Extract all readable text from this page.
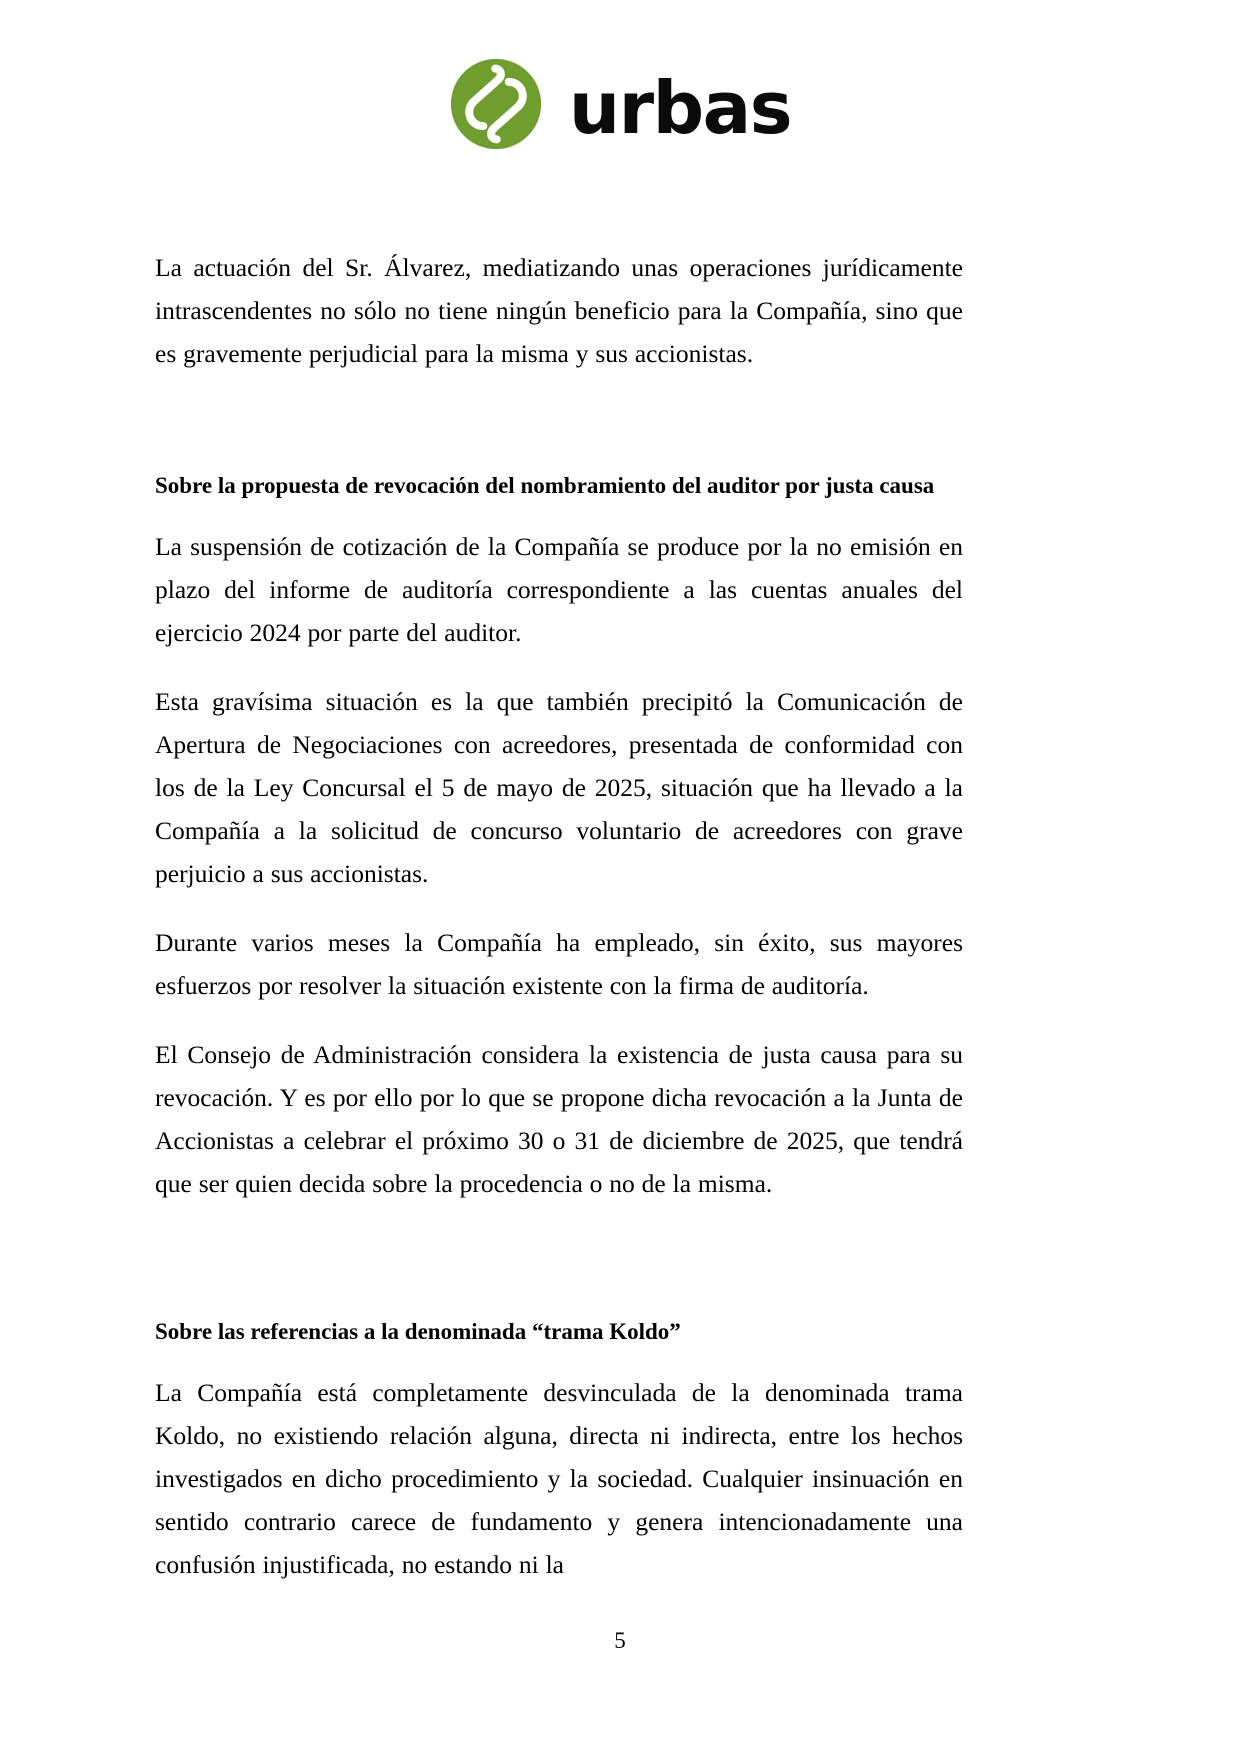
urbas

La actuación del Sr. Álvarez, mediatizando unas operaciones jurídicamente intrascendentes no sólo no tiene ningún beneficio para la Compañía, sino que es gravemente perjudicial para la misma y sus accionistas.

Sobre la propuesta de revocación del nombramiento del auditor por justa causa

La suspensión de cotización de la Compañía se produce por la no emisión en plazo del informe de auditoría correspondiente a las cuentas anuales del ejercicio 2024 por parte del auditor.

Esta gravísima situación es la que también precipitó la Comunicación de Apertura de Negociaciones con acreedores, presentada de conformidad con los de la Ley Concursal el 5 de mayo de 2025, situación que ha llevado a la Compañía a la solicitud de concurso voluntario de acreedores con grave perjuicio a sus accionistas.

Durante varios meses la Compañía ha empleado, sin éxito, sus mayores esfuerzos por resolver la situación existente con la firma de auditoría.

El Consejo de Administración considera la existencia de justa causa para su revocación. Y es por ello por lo que se propone dicha revocación a la Junta de Accionistas a celebrar el próximo 30 o 31 de diciembre de 2025, que tendrá que ser quien decida sobre la procedencia o no de la misma.

Sobre las referencias a la denominada “trama Koldo”

La Compañía está completamente desvinculada de la denominada trama Koldo, no existiendo relación alguna, directa ni indirecta, entre los hechos investigados en dicho procedimiento y la sociedad. Cualquier insinuación en sentido contrario carece de fundamento y genera intencionadamente una confusión injustificada, no estando ni la

5
